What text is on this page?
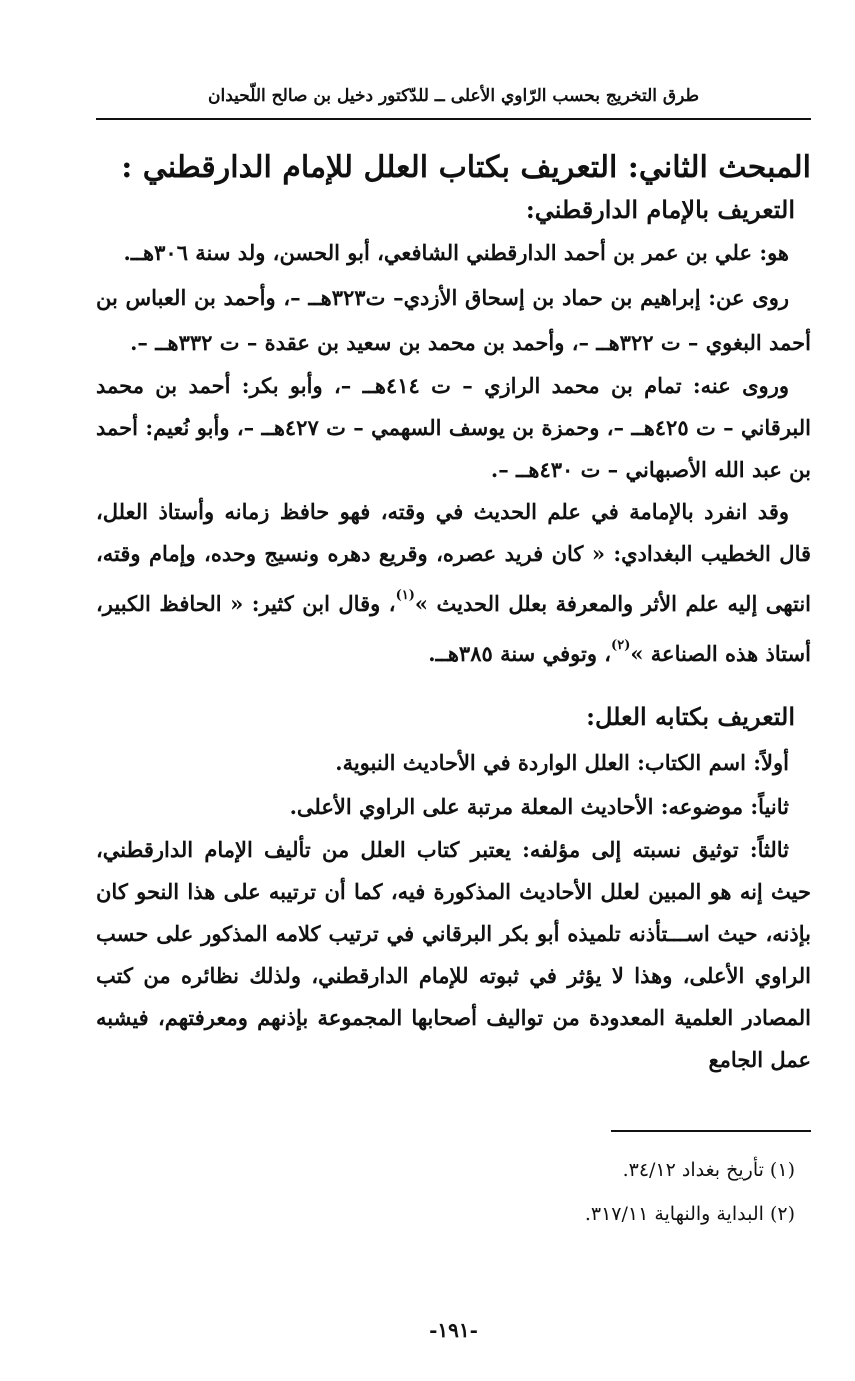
طرق التخريج بحسب الرّاوي الأعلى ــ للدّكتور دخيل بن صالح اللّحيدان
المبحث الثاني: التعريف بكتاب العلل للإمام الدارقطني :
التعريف بالإمام الدارقطني:

هو: علي بن عمر بن أحمد الدارقطني الشافعي، أبو الحسن، ولد سنة ٣٠٦هــ.

روى عن: إبراهيم بن حماد بن إسحاق الأزدي– ت٣٢٣هــ –، وأحمد بن العباس بن أحمد البغوي – ت ٣٢٢هــ –، وأحمد بن محمد بن سعيد بن عقدة – ت ٣٣٢هــ –.

وروى عنه: تمام بن محمد الرازي – ت ٤١٤هــ –، وأبو بكر: أحمد بن محمد البرقاني – ت ٤٢٥هــ –، وحمزة بن يوسف السهمي – ت ٤٢٧هــ –، وأبو نُعيم: أحمد بن عبد الله الأصبهاني – ت ٤٣٠هــ –.

وقد انفرد بالإمامة في علم الحديث في وقته، فهو حافظ زمانه وأستاذ العلل، قال الخطيب البغدادي: « كان فريد عصره، وقريع دهره ونسيج وحده، وإمام وقته، انتهى إليه علم الأثر والمعرفة بعلل الحديث »$^{(١)}$، وقال ابن كثير: « الحافظ الكبير، أستاذ هذه الصناعة »$^{(٢)}$، وتوفي سنة ٣٨٥هــ.

التعريف بكتابه العلل:

أولاً: اسم الكتاب: العلل الواردة في الأحاديث النبوية.

ثانياً: موضوعه: الأحاديث المعلة مرتبة على الراوي الأعلى.

ثالثاً: توثيق نسبته إلى مؤلفه: يعتبر كتاب العلل من تأليف الإمام الدارقطني، حيث إنه هو المبين لعلل الأحاديث المذكورة فيه، كما أن ترتيبه على هذا النحو كان بإذنه، حيث اســـتأذنه تلميذه أبو بكر البرقاني في ترتيب كلامه المذكور على حسب الراوي الأعلى، وهذا لا يؤثر في ثبوته للإمام الدارقطني، ولذلك نظائره من كتب المصادر العلمية المعدودة من تواليف أصحابها المجموعة بإذنهم ومعرفتهم، فيشبه عمل الجامع

(١) تأريخ بغداد ٣٤/١٢.
(٢) البداية والنهاية ٣١٧/١١.
-١٩١-
